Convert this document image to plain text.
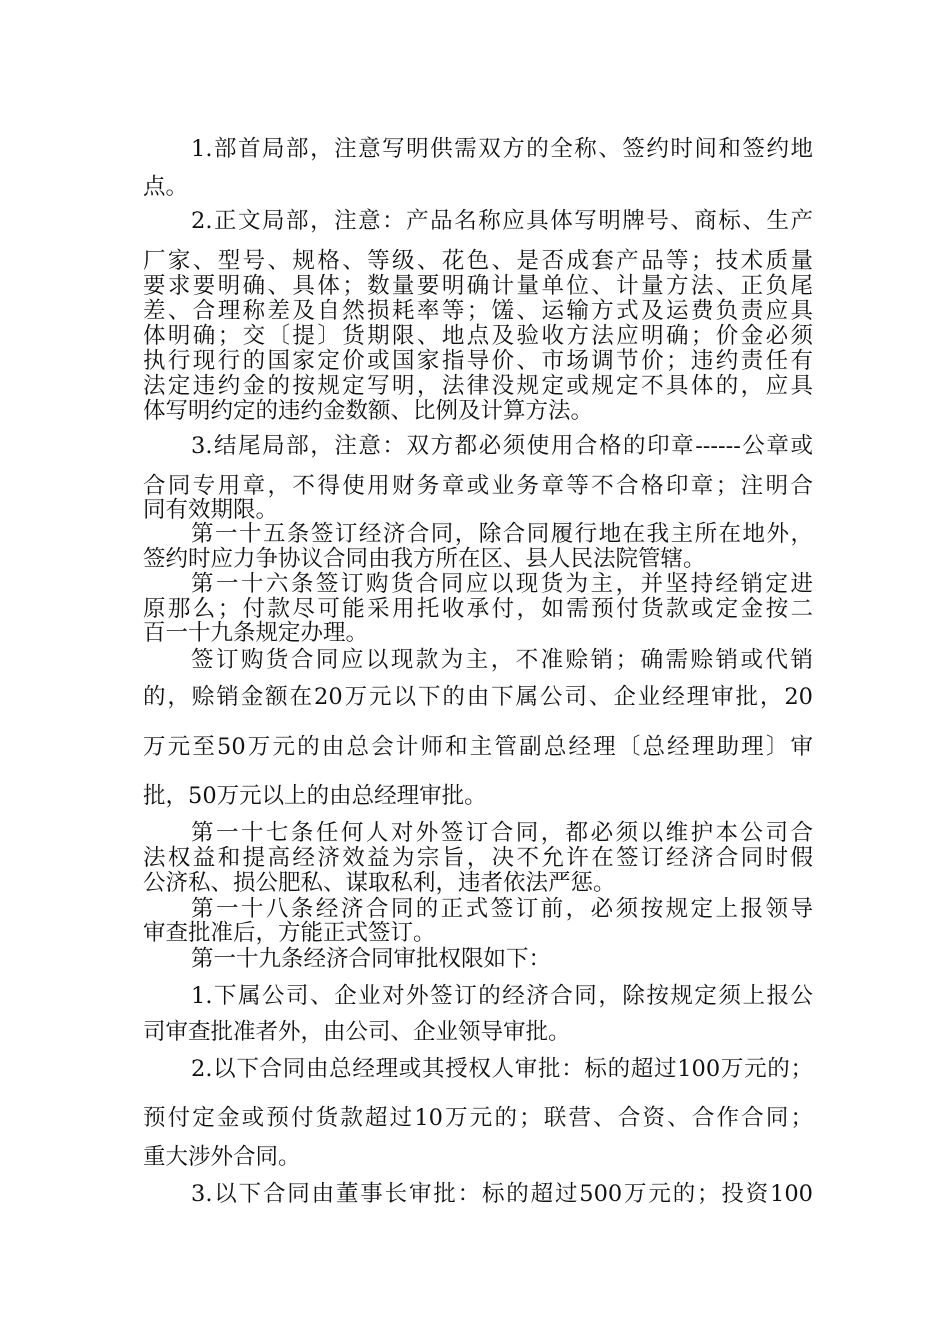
1.部首局部，注意写明供需双方的全称、签约时间和签约地

点。

2.正文局部，注意：产品名称应具体写明牌号、商标、生产

厂家、型号、规格、等级、花色、是否成套产品等；技术质量

要求要明确、具体；数量要明确计量单位、计量方法、正负尾

差、合理称差及自然损耗率等；馐、运输方式及运费负责应具

体明确；交〔提〕货期限、地点及验收方法应明确；价金必须

执行现行的国家定价或国家指导价、市场调节价；违约责任有

法定违约金的按规定写明，法律没规定或规定不具体的，应具

体写明约定的违约金数额、比例及计算方法。

3.结尾局部，注意：双方都必须使用合格的印章------公章或

合同专用章，不得使用财务章或业务章等不合格印章；注明合

同有效期限。

第一十五条签订经济合同，除合同履行地在我主所在地外，

签约时应力争协议合同由我方所在区、县人民法院管辖。

第一十六条签订购货合同应以现货为主，并坚持经销定进

原那么；付款尽可能采用托收承付，如需预付货款或定金按二

百一十九条规定办理。

签订购货合同应以现款为主，不准赊销；确需赊销或代销

的，赊销金额在20万元以下的由下属公司、企业经理审批，20

万元至50万元的由总会计师和主管副总经理〔总经理助理〕审

批，50万元以上的由总经理审批。

第一十七条任何人对外签订合同，都必须以维护本公司合

法权益和提高经济效益为宗旨，决不允许在签订经济合同时假

公济私、损公肥私、谋取私利，违者依法严惩。

第一十八条经济合同的正式签订前，必须按规定上报领导

审查批准后，方能正式签订。

第一十九条经济合同审批权限如下：

1.下属公司、企业对外签订的经济合同，除按规定须上报公

司审查批准者外，由公司、企业领导审批。

2.以下合同由总经理或其授权人审批：标的超过100万元的；

预付定金或预付货款超过10万元的；联营、合资、合作合同；

重大涉外合同。

3.以下合同由董事长审批：标的超过500万元的；投资100
